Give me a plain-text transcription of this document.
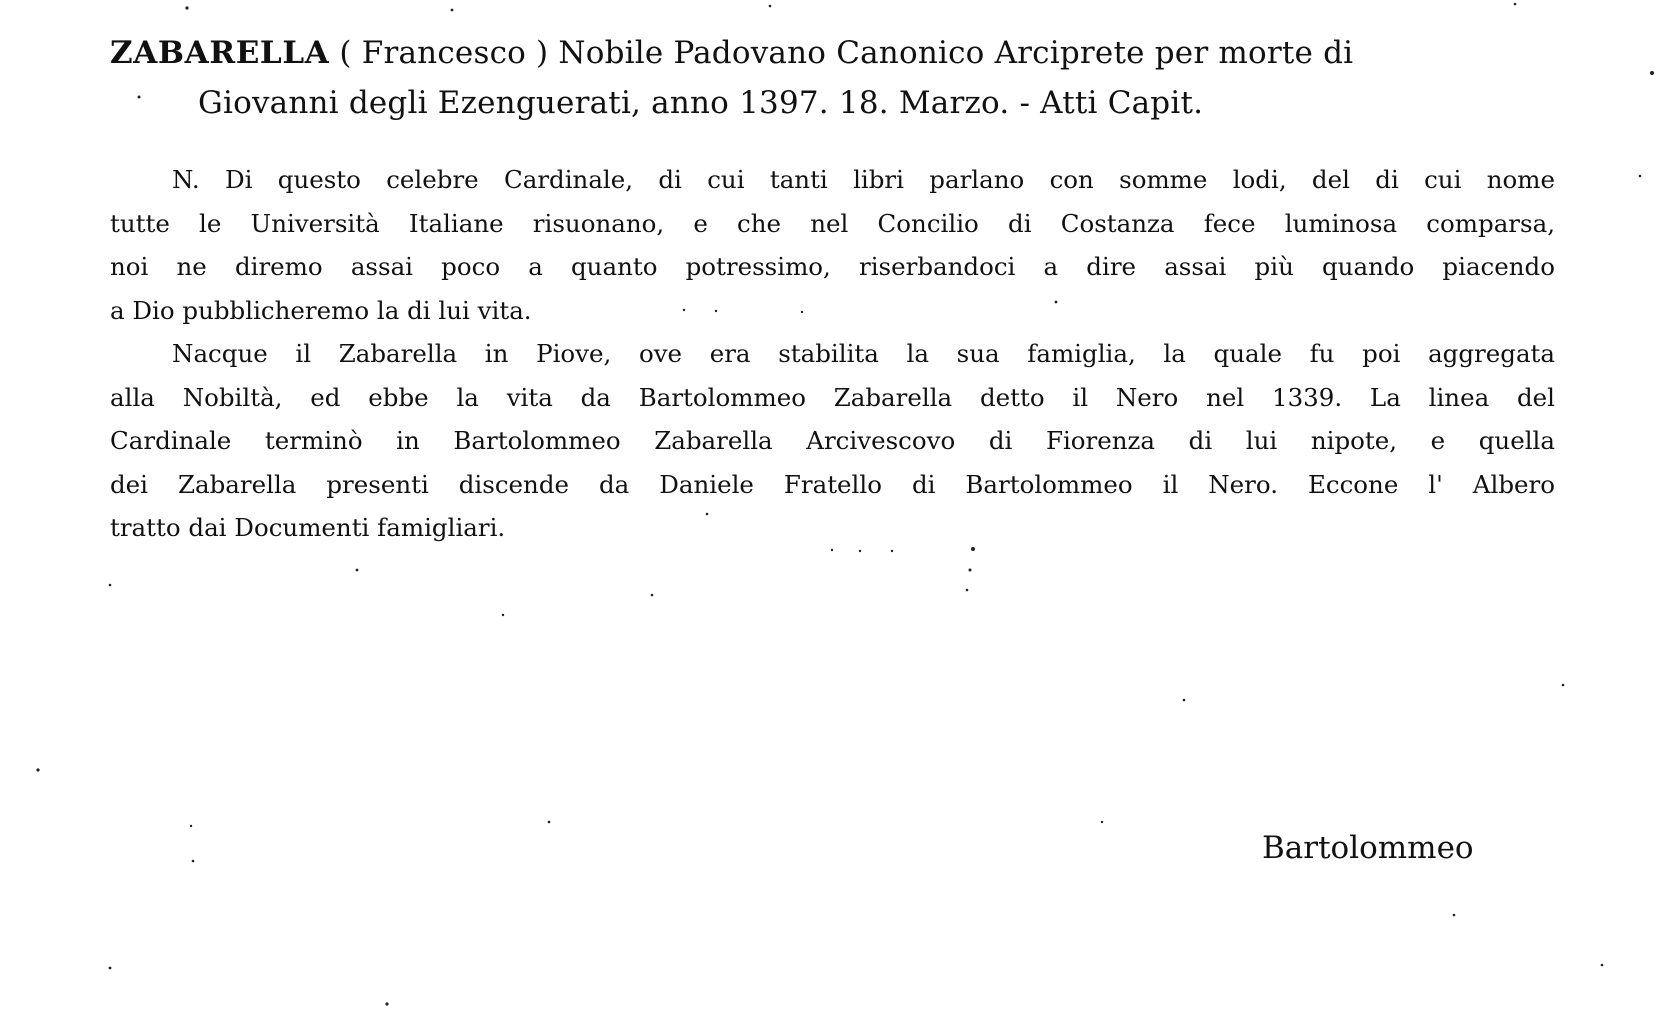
ZABARELLA ( Francesco ) Nobile Padovano Canonico Arciprete per morte di
Giovanni degli Ezenguerati, anno 1397. 18. Marzo. - Atti Capit.
N. Di questo celebre Cardinale, di cui tanti libri parlano con somme lodi, del di cui nome
tutte le Università Italiane risuonano, e che nel Concilio di Costanza fece luminosa comparsa,
noi ne diremo assai poco a quanto potressimo, riserbandoci a dire assai più quando piacendo
a Dio pubblicheremo la di lui vita.
Nacque il Zabarella in Piove, ove era stabilita la sua famiglia, la quale fu poi aggregata
alla Nobiltà, ed ebbe la vita da Bartolommeo Zabarella detto il Nero nel 1339. La linea del
Cardinale terminò in Bartolommeo Zabarella Arcivescovo di Fiorenza di lui nipote, e quella
dei Zabarella presenti discende da Daniele Fratello di Bartolommeo il Nero. Eccone l' Albero
tratto dai Documenti famigliari.
Bartolommeo
